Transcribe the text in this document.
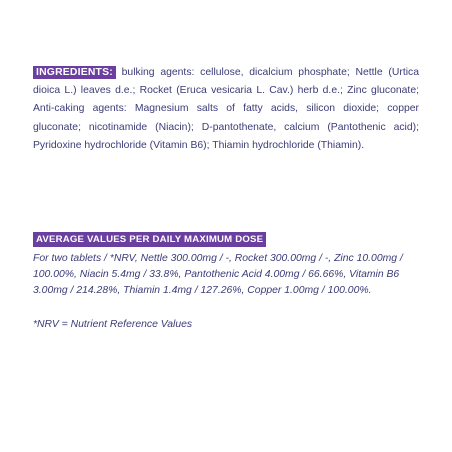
INGREDIENTS: bulking agents: cellulose, dicalcium phosphate; Nettle (Urtica dioica L.) leaves d.e.; Rocket (Eruca vesicaria L. Cav.) herb d.e.; Zinc gluconate; Anti-caking agents: Magnesium salts of fatty acids, silicon dioxide; copper gluconate; nicotinamide (Niacin); D-pantothenate, calcium (Pantothenic acid); Pyridoxine hydrochloride (Vitamin B6); Thiamin hydrochloride (Thiamin).
AVERAGE VALUES PER DAILY MAXIMUM DOSE
For two tablets / *NRV, Nettle 300.00mg / -, Rocket 300.00mg / -, Zinc 10.00mg / 100.00%, Niacin 5.4mg / 33.8%, Pantothenic Acid 4.00mg / 66.66%, Vitamin B6 3.00mg / 214.28%, Thiamin 1.4mg / 127.26%, Copper 1.00mg / 100.00%.
*NRV = Nutrient Reference Values
